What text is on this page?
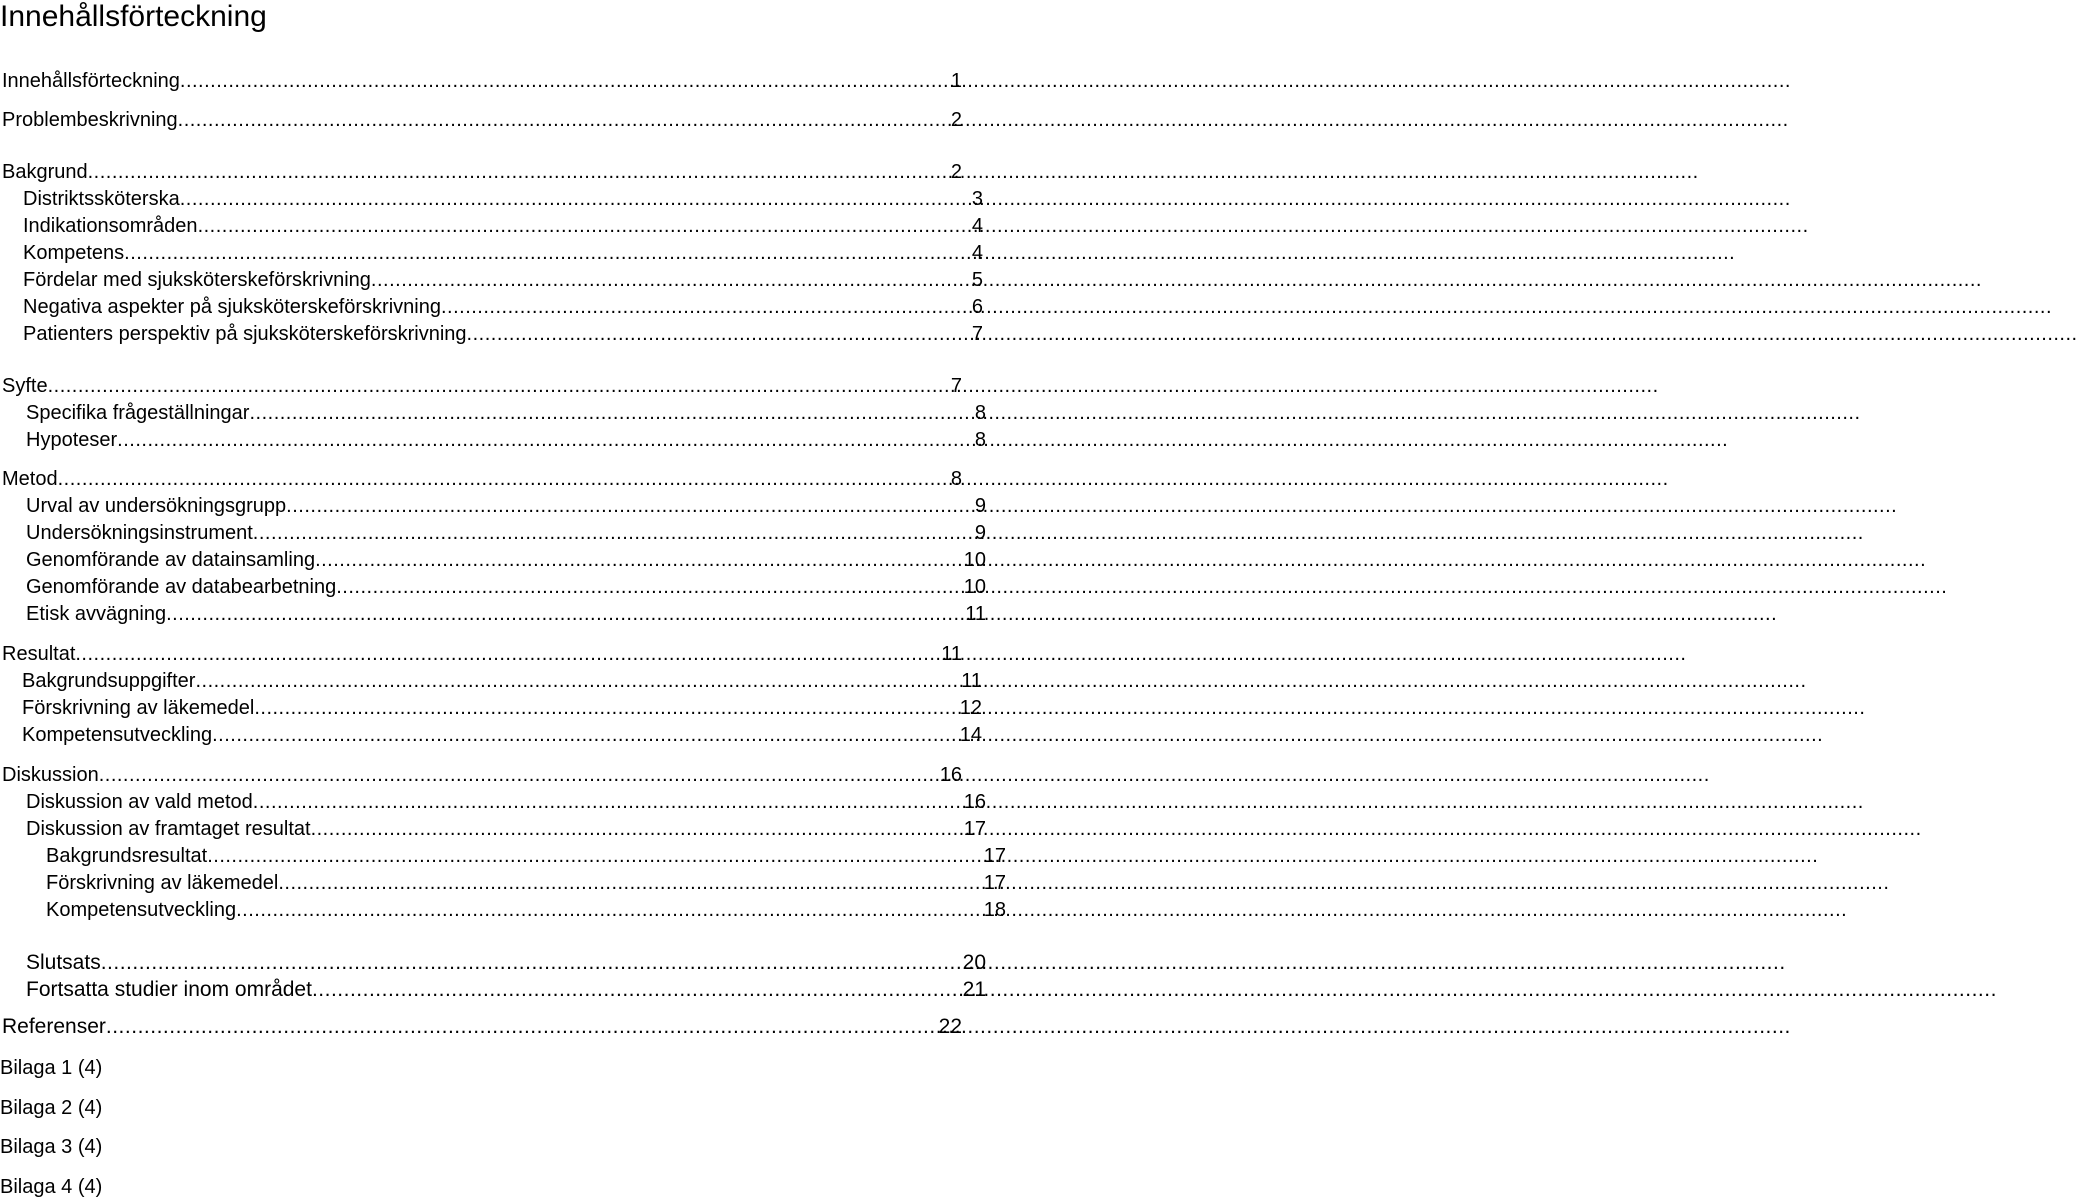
Innehållsförteckning
Innehållsförteckning .....	1
Problembeskrivning .....	2
Bakgrund .....	2
Distriktssköterska .....	3
Indikationsområden .....	4
Kompetens .....	4
Fördelar med sjuksköterskeförskrivning .....	5
Negativa aspekter på sjuksköterskeförskrivning .....	6
Patienters perspektiv på sjuksköterskeförskrivning .....	7
Syfte .....	7
Specifika frågeställningar .....	8
Hypoteser .....	8
Metod .....	8
Urval av undersökningsgrupp .....	9
Undersökningsinstrument .....	9
Genomförande av datainsamling .....	10
Genomförande av databearbetning .....	10
Etisk avvägning .....	11
Resultat .....	11
Bakgrundsuppgifter .....	11
Förskrivning av läkemedel .....	12
Kompetensutveckling .....	14
Diskussion .....	16
Diskussion av vald metod .....	16
Diskussion av framtaget resultat .....	17
Bakgrundsresultat .....	17
Förskrivning av läkemedel .....	17
Kompetensutveckling .....	18
Slutsats .....	20
Fortsatta studier inom området .....	21
Referenser .....	22
Bilaga 1 (4)
Bilaga 2 (4)
Bilaga 3 (4)
Bilaga 4 (4)
